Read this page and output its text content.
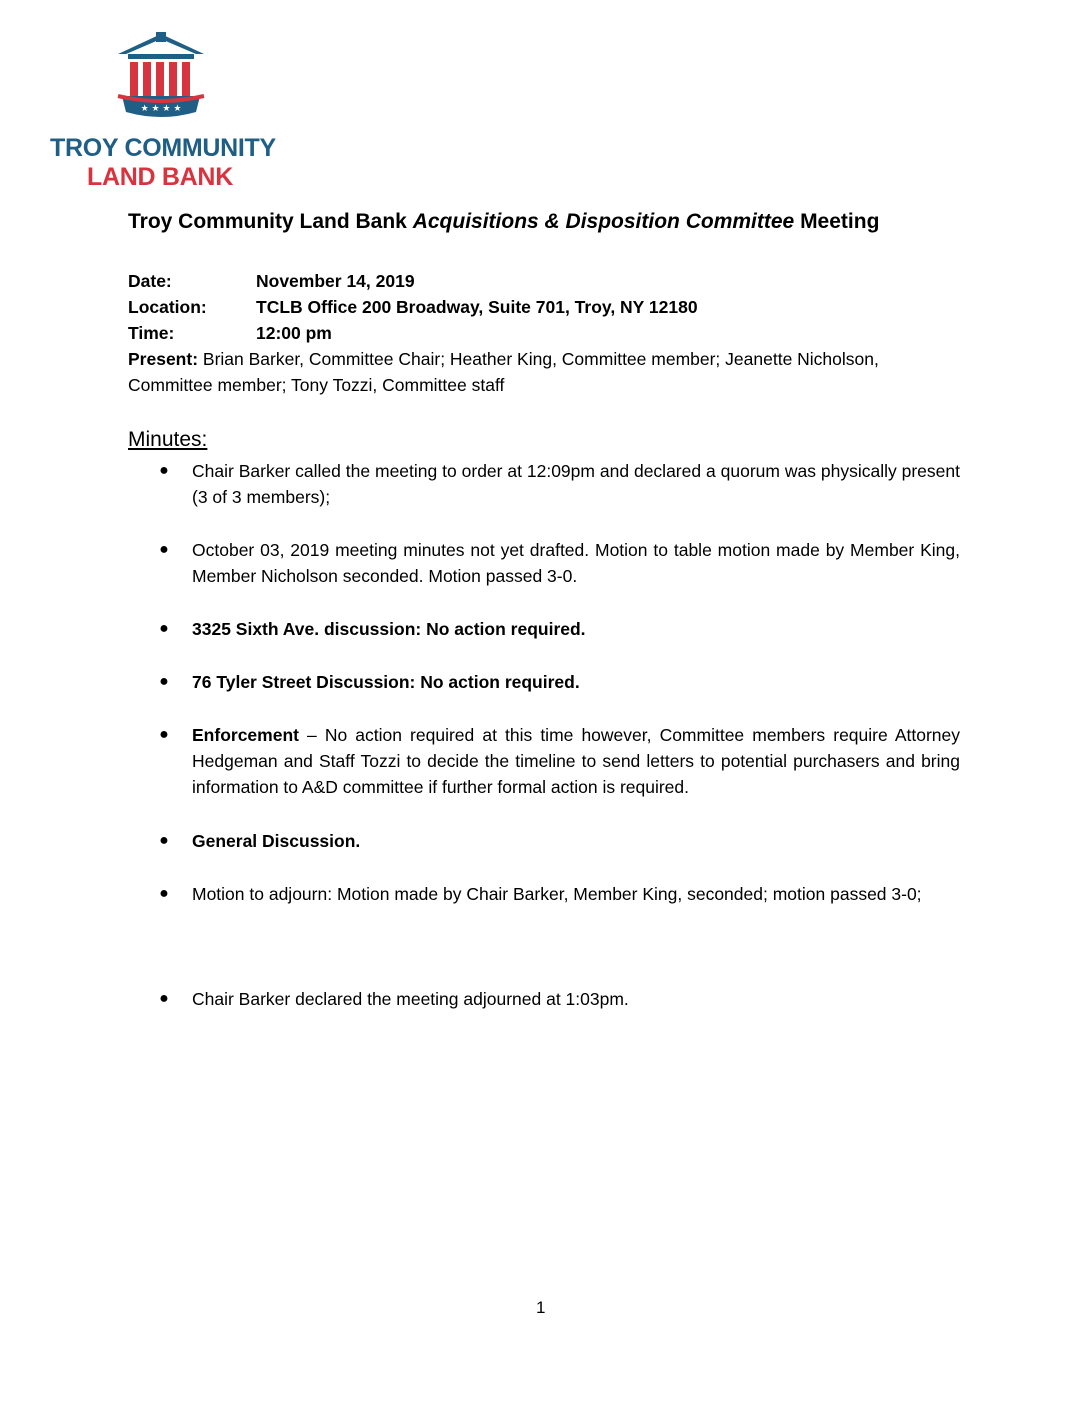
★ ★ ★ ★
TROY COMMUNITY
LAND BANK
Troy Community Land Bank Acquisitions & Disposition Committee Meeting
Date:	November 14, 2019
Location:	TCLB Office 200 Broadway, Suite 701, Troy, NY 12180
Time:	12:00 pm
Present: Brian Barker, Committee Chair; Heather King, Committee member; Jeanette Nicholson, Committee member; Tony Tozzi, Committee staff
Minutes:
● Chair Barker called the meeting to order at 12:09pm and declared a quorum was physically present (3 of 3 members);
● October 03, 2019 meeting minutes not yet drafted. Motion to table motion made by Member King, Member Nicholson seconded. Motion passed 3-0.
● 3325 Sixth Ave. discussion: No action required.
● 76 Tyler Street Discussion: No action required.
● Enforcement – No action required at this time however, Committee members require Attorney Hedgeman and Staff Tozzi to decide the timeline to send letters to potential purchasers and bring information to A&D committee if further formal action is required.
● General Discussion.
● Motion to adjourn: Motion made by Chair Barker, Member King, seconded; motion passed 3-0;
● Chair Barker declared the meeting adjourned at 1:03pm.
1
